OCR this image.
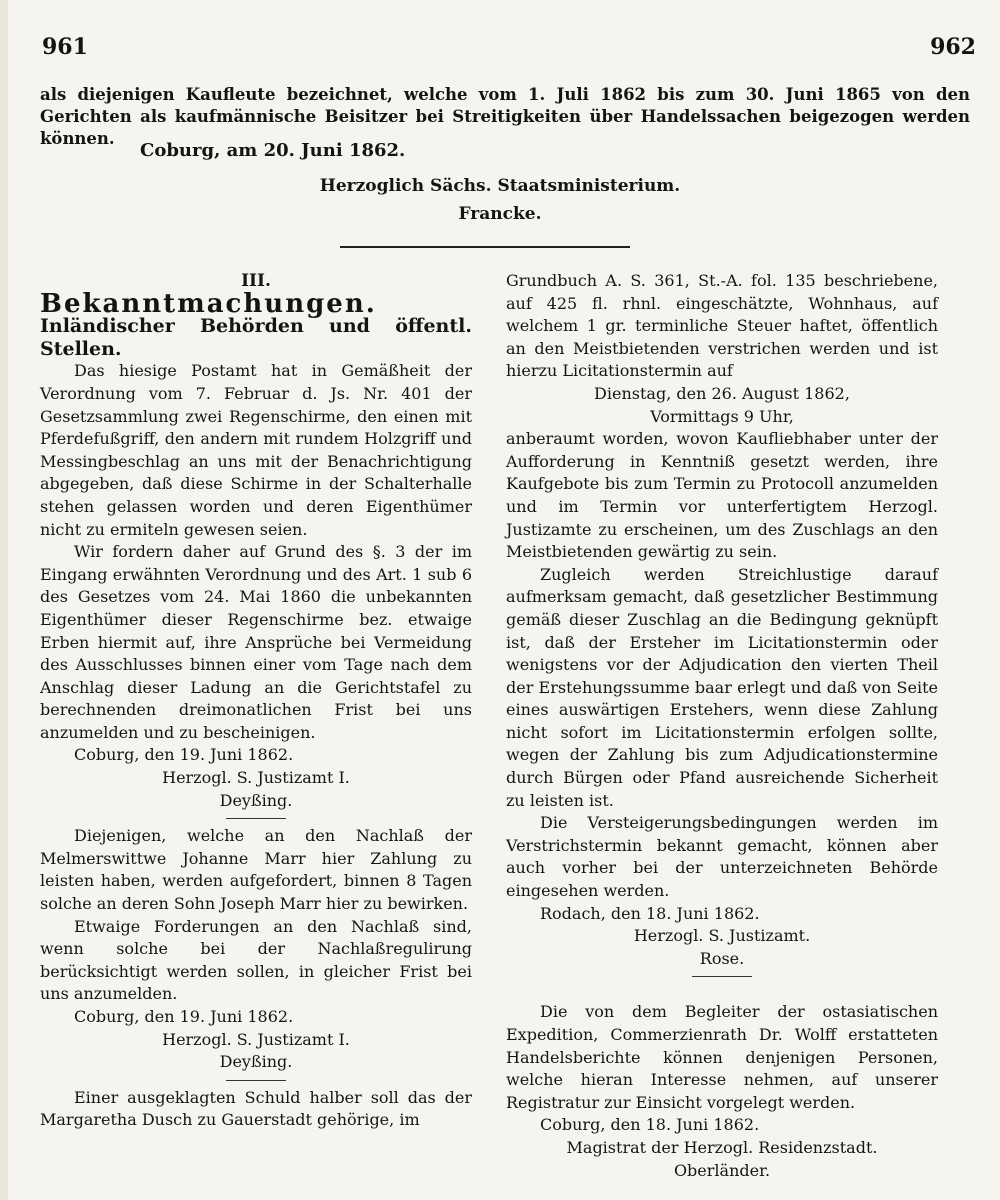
961	962
als diejenigen Kaufleute bezeichnet, welche vom 1. Juli 1862 bis zum 30. Juni 1865 von den Gerichten als kaufmännische Beisitzer bei Streitigkeiten über Handelssachen beigezogen werden können.
Coburg, am 20. Juni 1862.
Herzoglich Sächs. Staatsministerium.
Francke.

III.

Bekanntmachungen.

Inländischer Behörden und öffentl. Stellen.

Das hiesige Postamt hat in Gemäßheit der Verordnung vom 7. Februar d. Js. Nr. 401 der Gesetzsammlung zwei Regenschirme, den einen mit Pferdefußgriff, den andern mit rundem Holzgriff und Messingbeschlag an uns mit der Benachrichtigung abgegeben, daß diese Schirme in der Schalterhalle stehen gelassen worden und deren Eigenthümer nicht zu ermiteln gewesen seien.

Wir fordern daher auf Grund des §. 3 der im Eingang erwähnten Verordnung und des Art. 1 sub 6 des Gesetzes vom 24. Mai 1860 die unbekannten Eigenthümer dieser Regenschirme bez. etwaige Erben hiermit auf, ihre Ansprüche bei Vermeidung des Ausschlusses binnen einer vom Tage nach dem Anschlag dieser Ladung an die Gerichtstafel zu berechnenden dreimonatlichen Frist bei uns anzumelden und zu bescheinigen.

Coburg, den 19. Juni 1862.

Herzogl. S. Justizamt I.

Deyßing.

Diejenigen, welche an den Nachlaß der Melmerswittwe Johanne Marr hier Zahlung zu leisten haben, werden aufgefordert, binnen 8 Tagen solche an deren Sohn Joseph Marr hier zu bewirken.

Etwaige Forderungen an den Nachlaß sind, wenn solche bei der Nachlaßregulirung berücksichtigt werden sollen, in gleicher Frist bei uns anzumelden.

Coburg, den 19. Juni 1862.

Herzogl. S. Justizamt I.

Deyßing.

Einer ausgeklagten Schuld halber soll das der Margaretha Dusch zu Gauerstadt gehörige, im

Grundbuch A. S. 361, St.-A. fol. 135 beschriebene, auf 425 fl. rhnl. eingeschätzte, Wohnhaus, auf welchem 1 gr. terminliche Steuer haftet, öffentlich an den Meistbietenden verstrichen werden und ist hierzu Licitationstermin auf

Dienstag, den 26. August 1862,

Vormittags 9 Uhr,

anberaumt worden, wovon Kaufliebhaber unter der Aufforderung in Kenntniß gesetzt werden, ihre Kaufgebote bis zum Termin zu Protocoll anzumelden und im Termin vor unterfertigtem Herzogl. Justizamte zu erscheinen, um des Zuschlags an den Meistbietenden gewärtig zu sein.

Zugleich werden Streichlustige darauf aufmerksam gemacht, daß gesetzlicher Bestimmung gemäß dieser Zuschlag an die Bedingung geknüpft ist, daß der Ersteher im Licitationstermin oder wenigstens vor der Adjudication den vierten Theil der Erstehungssumme baar erlegt und daß von Seite eines auswärtigen Erstehers, wenn diese Zahlung nicht sofort im Licitationstermin erfolgen sollte, wegen der Zahlung bis zum Adjudicationstermine durch Bürgen oder Pfand ausreichende Sicherheit zu leisten ist.

Die Versteigerungsbedingungen werden im Verstrichstermin bekannt gemacht, können aber auch vorher bei der unterzeichneten Behörde eingesehen werden.

Rodach, den 18. Juni 1862.

Herzogl. S. Justizamt.

Rose.

Die von dem Begleiter der ostasiatischen Expedition, Commerzienrath Dr. Wolff erstatteten Handelsberichte können denjenigen Personen, welche hieran Interesse nehmen, auf unserer Registratur zur Einsicht vorgelegt werden.

Coburg, den 18. Juni 1862.

Magistrat der Herzogl. Residenzstadt.

Oberländer.
